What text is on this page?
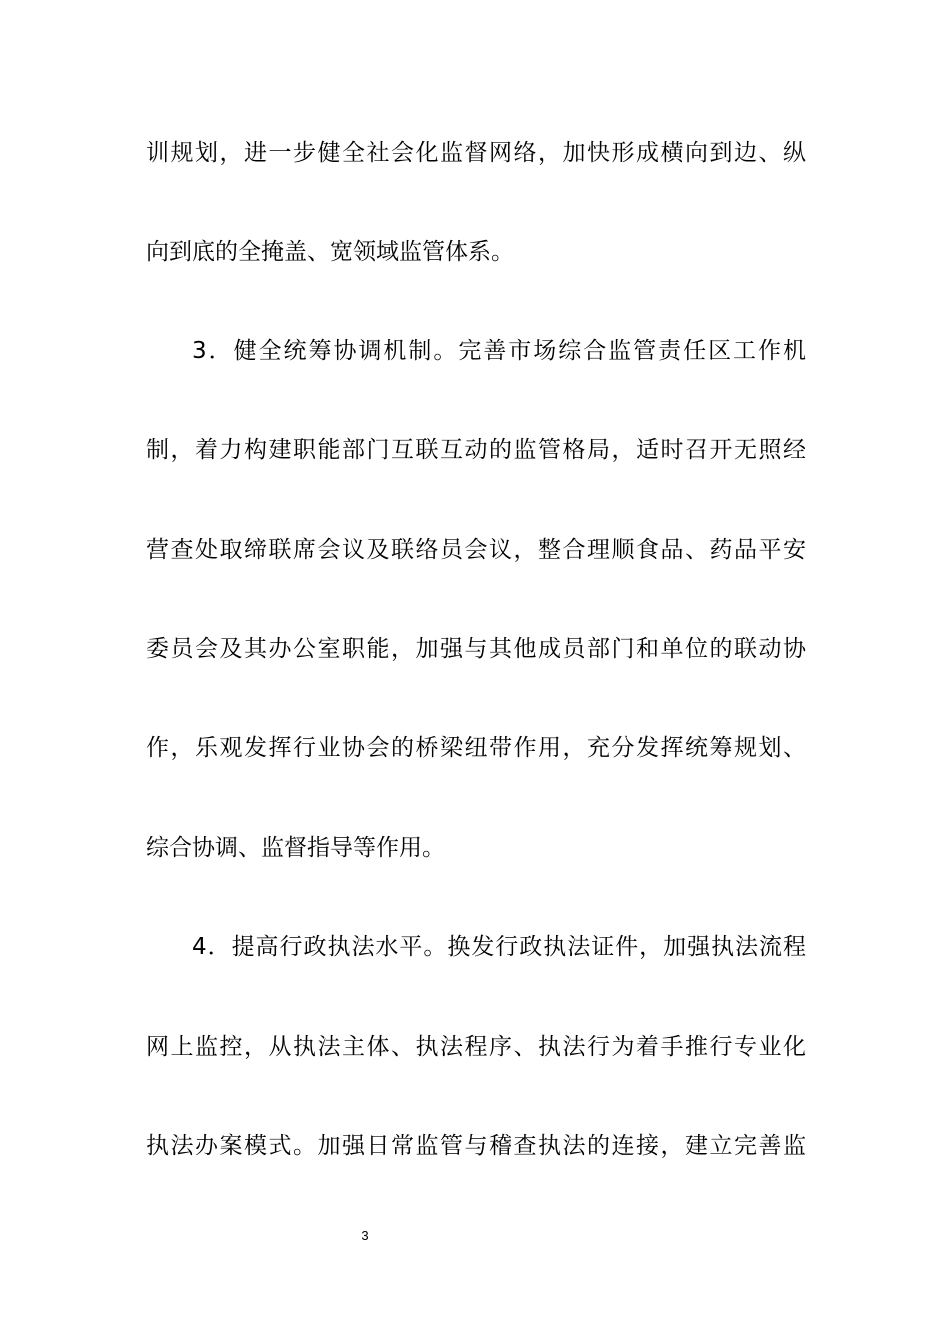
训规划，进一步健全社会化监督网络，加快形成横向到边、纵
向到底的全掩盖、宽领域监管体系。
3．健全统筹协调机制。完善市场综合监管责任区工作机
制，着力构建职能部门互联互动的监管格局，适时召开无照经
营查处取缔联席会议及联络员会议，整合理顺食品、药品平安
委员会及其办公室职能，加强与其他成员部门和单位的联动协
作，乐观发挥行业协会的桥梁纽带作用，充分发挥统筹规划、
综合协调、监督指导等作用。
4．提高行政执法水平。换发行政执法证件，加强执法流程
网上监控，从执法主体、执法程序、执法行为着手推行专业化
执法办案模式。加强日常监管与稽查执法的连接，建立完善监
3
